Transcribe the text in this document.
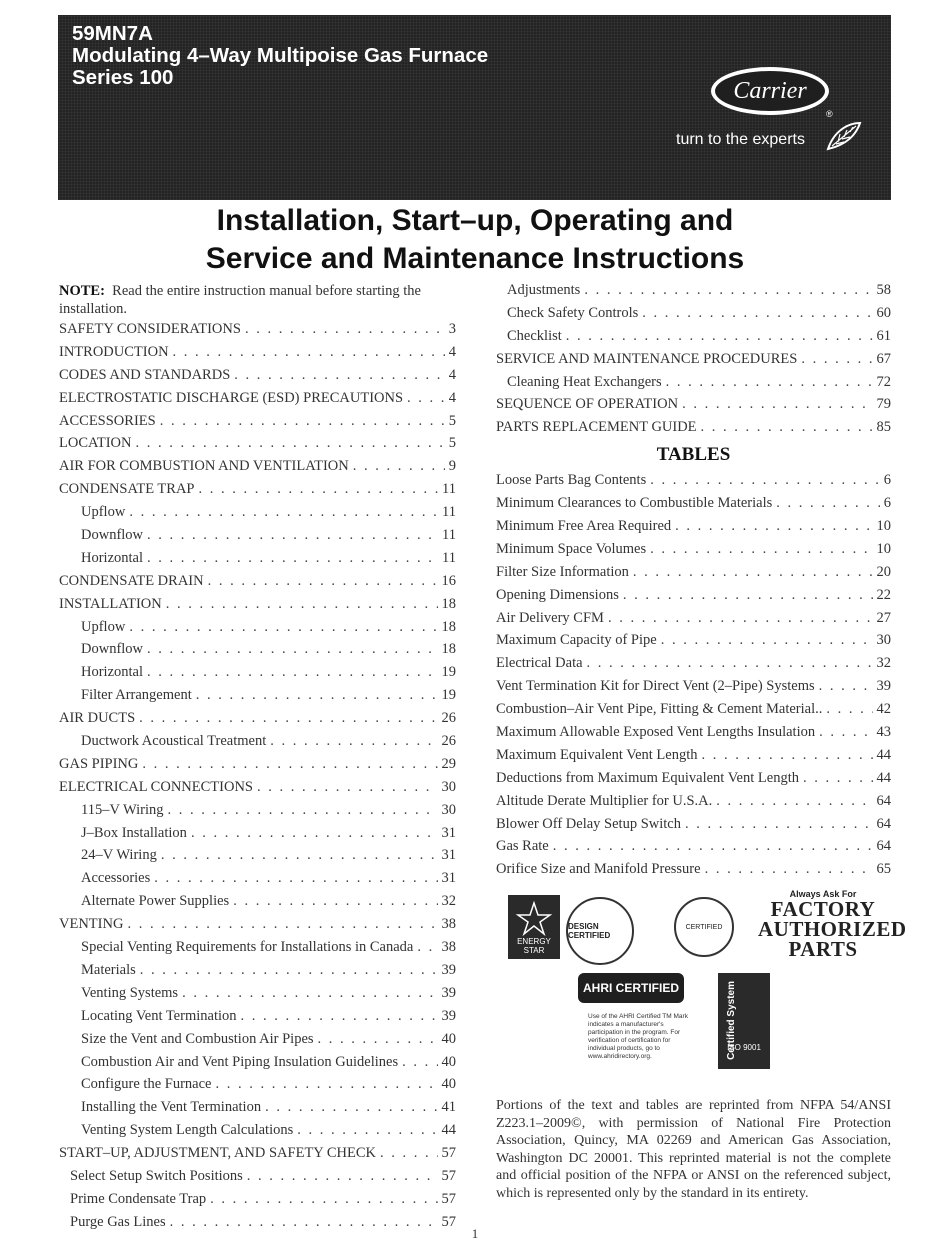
59MN7A
Modulating 4–Way Multipoise Gas Furnace
Series 100	Carrier
®
turn to the experts
Installation, Start–up, Operating and
Service and Maintenance Instructions
NOTE: Read the entire instruction manual before starting the installation.
SAFETY CONSIDERATIONS . . .	3
INTRODUCTION . . .	4
CODES AND STANDARDS . . .	4
ELECTROSTATIC DISCHARGE (ESD) PRECAUTIONS . . .	4
ACCESSORIES . . .	5
LOCATION . . .	5
AIR FOR COMBUSTION AND VENTILATION . . .	9
CONDENSATE TRAP . . .	11
Upflow . . .	11
Downflow . . .	11
Horizontal . . .	11
CONDENSATE DRAIN . . .	16
INSTALLATION . . .	18
Upflow . . .	18
Downflow . . .	18
Horizontal . . .	19
Filter Arrangement . . .	19
AIR DUCTS . . .	26
Ductwork Acoustical Treatment . . .	26
GAS PIPING . . .	29
ELECTRICAL CONNECTIONS . . .	30
115–V Wiring . . .	30
J–Box Installation . . .	31
24–V Wiring . . .	31
Accessories . . .	31
Alternate Power Supplies . . .	32
VENTING . . .	38
Special Venting Requirements for Installations in Canada . . . 38
Materials . . .	39
Venting Systems . . .	39
Locating Vent Termination . . .	39
Size the Vent and Combustion Air Pipes . . .	40
Combustion Air and Vent Piping Insulation Guidelines . . .	40
Configure the Furnace . . .	40
Installing the Vent Termination . . .	41
Venting System Length Calculations . . .	44
START–UP, ADJUSTMENT, AND SAFETY CHECK . . .	57
Select Setup Switch Positions . . .	57
Prime Condensate Trap . . .	57
Purge Gas Lines . . .	57
Adjustments . . .	58
Check Safety Controls . . .	60
Checklist . . .	61
SERVICE AND MAINTENANCE PROCEDURES . . .	67
Cleaning Heat Exchangers . . .	72
SEQUENCE OF OPERATION . . .	79
PARTS REPLACEMENT GUIDE . . .	85
TABLES
Loose Parts Bag Contents . . .	6
Minimum Clearances to Combustible Materials . . .	6
Minimum Free Area Required . . .	10
Minimum Space Volumes . . .	10
Filter Size Information . . .	20
Opening Dimensions . . .	22
Air Delivery CFM . . .	27
Maximum Capacity of Pipe . . .	30
Electrical Data . . .	32
Vent Termination Kit for Direct Vent (2–Pipe) Systems . . .	39
Combustion–Air Vent Pipe, Fitting & Cement Material.. . . .	42
Maximum Allowable Exposed Vent Lengths Insulation . . .	43
Maximum Equivalent Vent Length . . .	44
Deductions from Maximum Equivalent Vent Length . . .	44
Altitude Derate Multiplier for U.S.A. . . .	64
Blower Off Delay Setup Switch . . .	64
Gas Rate . . .	64
Orifice Size and Manifold Pressure . . .	65
ENERGY STAR
DESIGN CERTIFIED
CERTIFIED
Always Ask For
FACTORY
AUTHORIZED
PARTS
AHRI CERTIFIED
Use of the AHRI Certified TM Mark indicates a manufacturer's participation in the program. For verification of certification for individual products, go to www.ahridirectory.org.	Certified System
ISO 9001
Portions of the text and tables are reprinted from NFPA 54/ANSI Z223.1–2009©, with permission of National Fire Protection Association, Quincy, MA 02269 and American Gas Association, Washington DC 20001. This reprinted material is not the complete and official position of the NFPA or ANSI on the referenced subject, which is represented only by the standard in its entirety.
1
